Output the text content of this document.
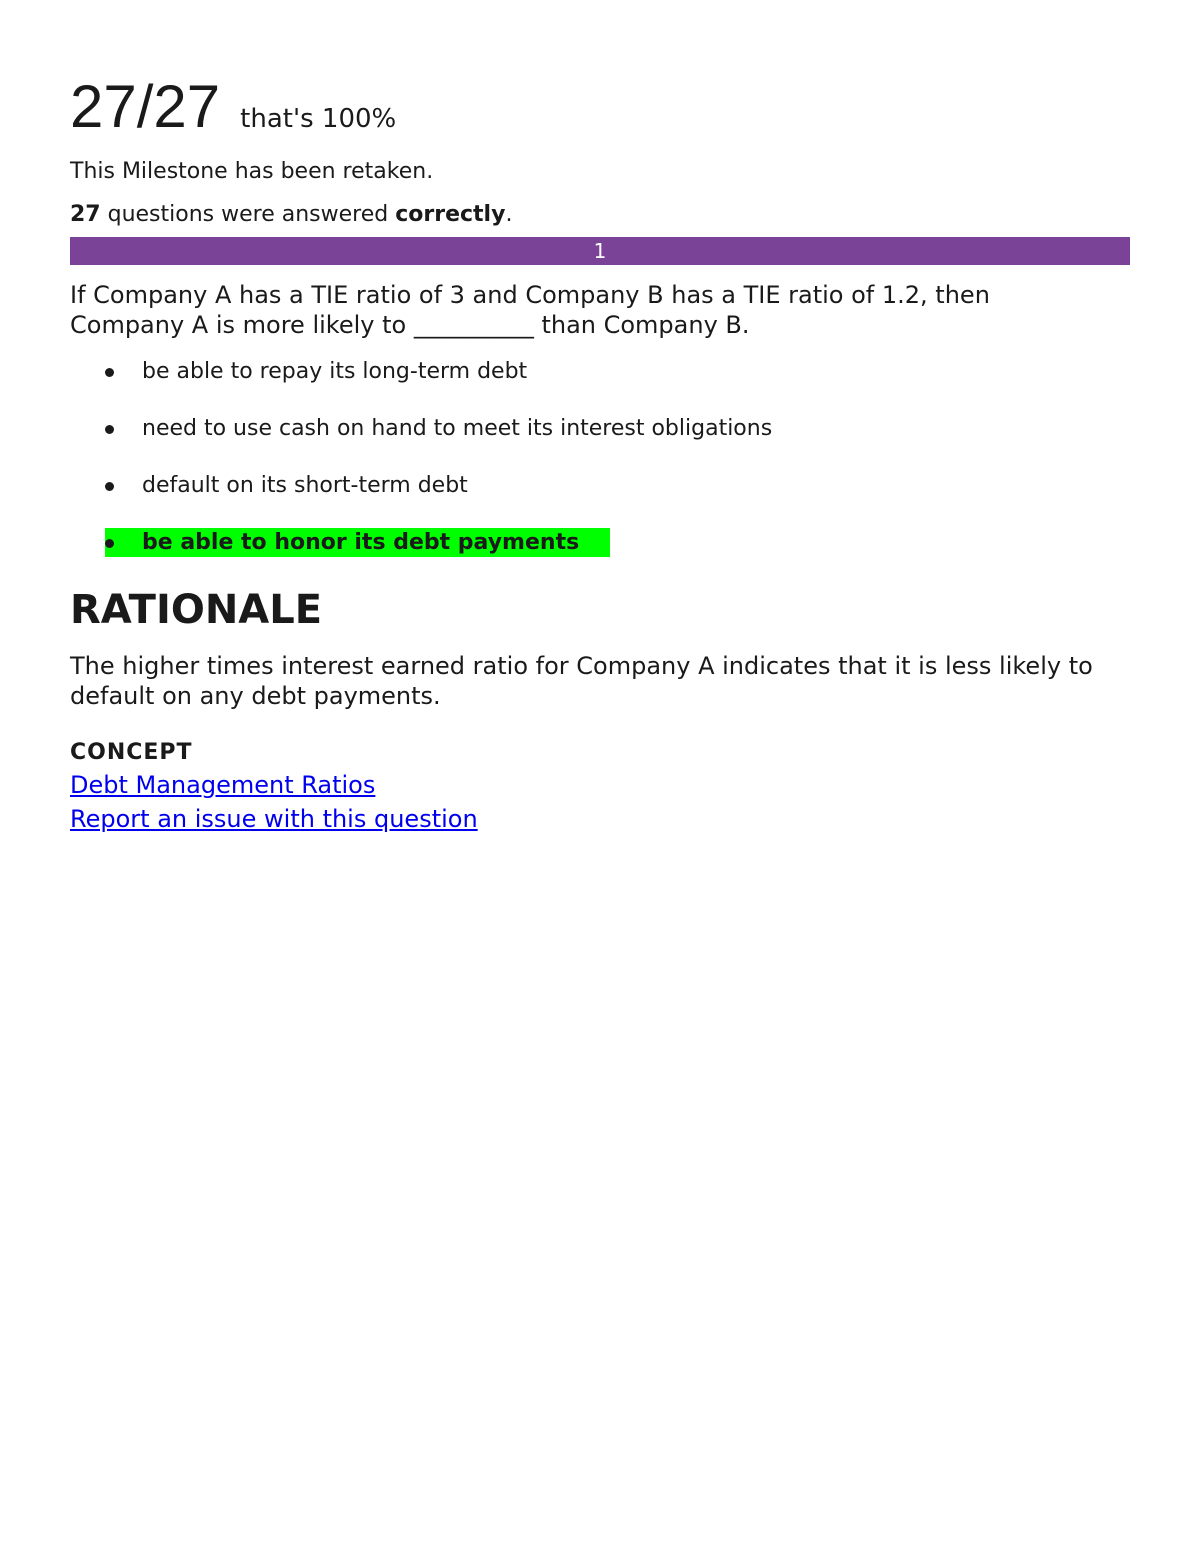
27/27 that's 100%
This Milestone has been retaken.
27 questions were answered correctly.
1
If Company A has a TIE ratio of 3 and Company B has a TIE ratio of 1.2, then Company A is more likely to __________ than Company B.
be able to repay its long-term debt
need to use cash on hand to meet its interest obligations
default on its short-term debt
be able to honor its debt payments
RATIONALE
The higher times interest earned ratio for Company A indicates that it is less likely to default on any debt payments.
CONCEPT
Debt Management Ratios
Report an issue with this question
